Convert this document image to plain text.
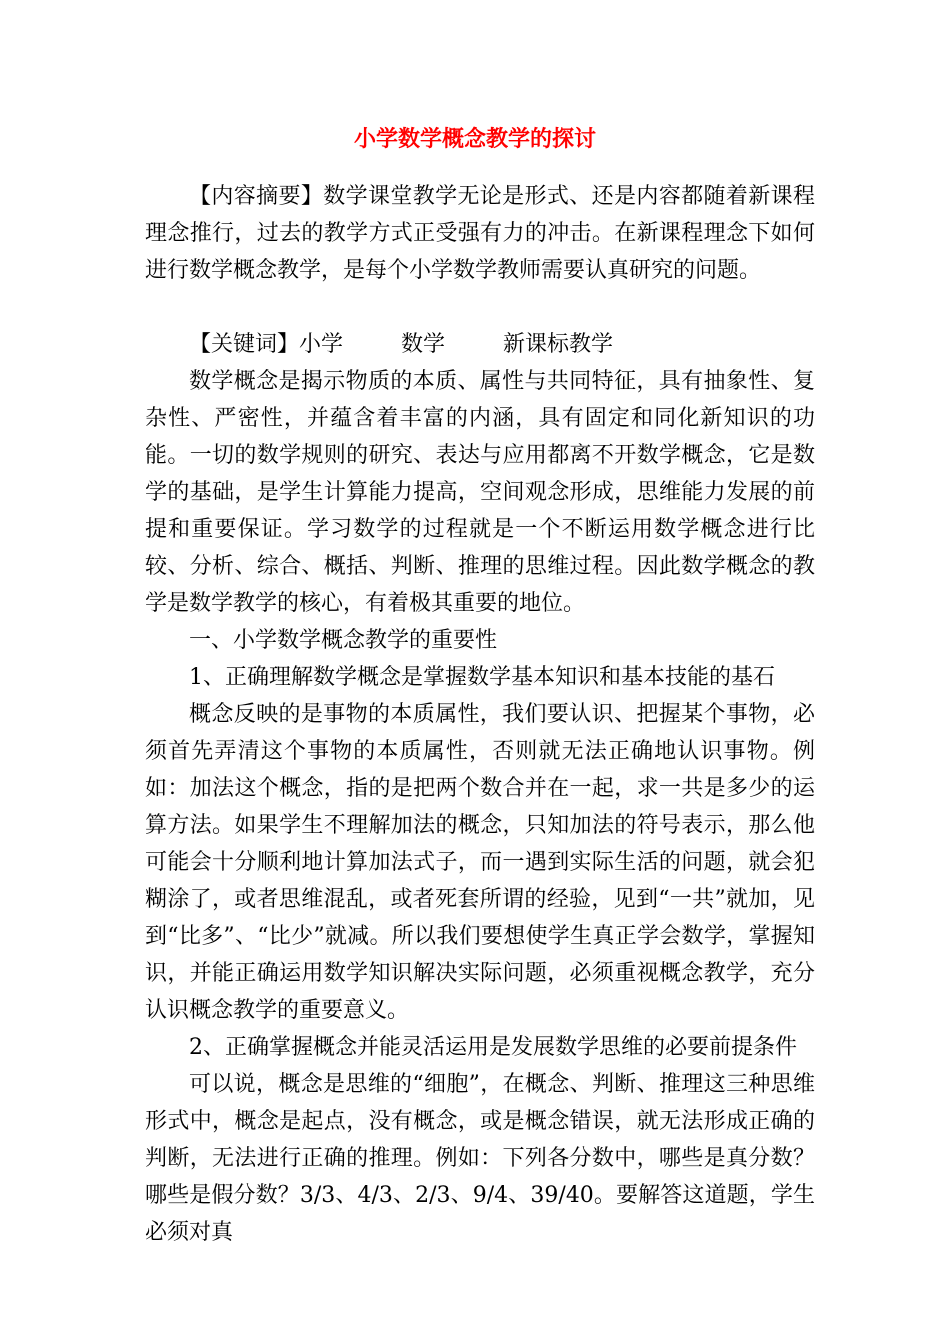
小学数学概念教学的探讨

【内容摘要】数学课堂教学无论是形式、还是内容都随着新课程理念推行，过去的教学方式正受强有力的冲击。在新课程理念下如何进行数学概念教学，是每个小学数学教师需要认真研究的问题。

【关键词】小学	数学	新课标教学

数学概念是揭示物质的本质、属性与共同特征，具有抽象性、复杂性、严密性，并蕴含着丰富的内涵，具有固定和同化新知识的功能。一切的数学规则的研究、表达与应用都离不开数学概念，它是数学的基础，是学生计算能力提高，空间观念形成，思维能力发展的前提和重要保证。学习数学的过程就是一个不断运用数学概念进行比较、分析、综合、概括、判断、推理的思维过程。因此数学概念的教学是数学教学的核心，有着极其重要的地位。

一、小学数学概念教学的重要性

1、正确理解数学概念是掌握数学基本知识和基本技能的基石

概念反映的是事物的本质属性，我们要认识、把握某个事物，必须首先弄清这个事物的本质属性，否则就无法正确地认识事物。例如：加法这个概念，指的是把两个数合并在一起，求一共是多少的运算方法。如果学生不理解加法的概念，只知加法的符号表示，那么他可能会十分顺利地计算加法式子，而一遇到实际生活的问题，就会犯糊涂了，或者思维混乱，或者死套所谓的经验，见到“一共”就加，见到“比多”、“比少”就减。所以我们要想使学生真正学会数学，掌握知识，并能正确运用数学知识解决实际问题，必须重视概念教学，充分认识概念教学的重要意义。

2、正确掌握概念并能灵活运用是发展数学思维的必要前提条件

可以说，概念是思维的“细胞”，在概念、判断、推理这三种思维形式中，概念是起点，没有概念，或是概念错误，就无法形成正确的判断，无法进行正确的推理。例如：下列各分数中，哪些是真分数？哪些是假分数？3/3、4/3、2/3、9/4、39/40。要解答这道题，学生必须对真
